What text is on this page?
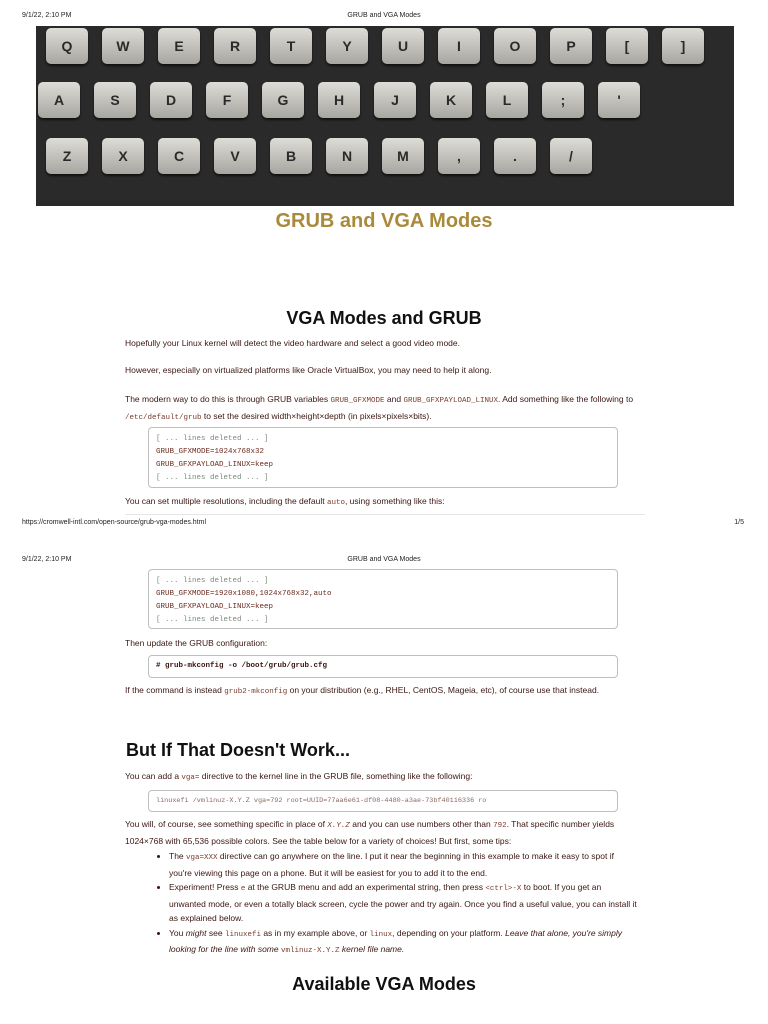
9/1/22, 2:10 PM	GRUB and VGA Modes
Q	W	E	R	T	Y	U	I	O	P	[	]
A	S	D	F	G	H	J	K	L	;	'
Z	X	C	V	B	N	M	,	.	/
GRUB and VGA Modes
VGA Modes and GRUB
Hopefully your Linux kernel will detect the video hardware and select a good video mode.
However, especially on virtualized platforms like Oracle VirtualBox, you may need to help it along.
The modern way to do this is through GRUB variables GRUB_GFXMODE and GRUB_GFXPAYLOAD_LINUX. Add something like the following to /etc/default/grub to set the desired width×height×depth (in pixels×pixels×bits).
[ ... lines deleted ... ]
GRUB_GFXMODE=1024x768x32
GRUB_GFXPAYLOAD_LINUX=keep
[ ... lines deleted ... ]
You can set multiple resolutions, including the default auto, using something like this:
https://cromwell-intl.com/open-source/grub-vga-modes.html	1/5
9/1/22, 2:10 PM	GRUB and VGA Modes
[ ... lines deleted ... ]
GRUB_GFXMODE=1920x1080,1024x768x32,auto
GRUB_GFXPAYLOAD_LINUX=keep
[ ... lines deleted ... ]
Then update the GRUB configuration:
# grub-mkconfig -o /boot/grub/grub.cfg
If the command is instead grub2-mkconfig on your distribution (e.g., RHEL, CentOS, Mageia, etc), of course use that instead.
But If That Doesn't Work...
You can add a vga= directive to the kernel line in the GRUB file, something like the following:
linuxefi /vmlinuz-X.Y.Z vga=792 root=UUID=77aa6e61-df08-4480-a3ae-73bf40116336 ro
You will, of course, see something specific in place of X.Y.Z and you can use numbers other than 792. That specific number yields 1024×768 with 65,536 possible colors. See the table below for a variety of choices! But first, some tips:
• The vga=XXX directive can go anywhere on the line. I put it near the beginning in this example to make it easy to spot if you're viewing this page on a phone. But it will be easiest for you to add it to the end.
• Experiment! Press e at the GRUB menu and add an experimental string, then press <ctrl>-X to boot. If you get an unwanted mode, or even a totally black screen, cycle the power and try again. Once you find a useful value, you can install it as explained below.
• You might see linuxefi as in my example above, or linux, depending on your platform. Leave that alone, you're simply looking for the line with some vmlinuz-X.Y.Z kernel file name.
Available VGA Modes
